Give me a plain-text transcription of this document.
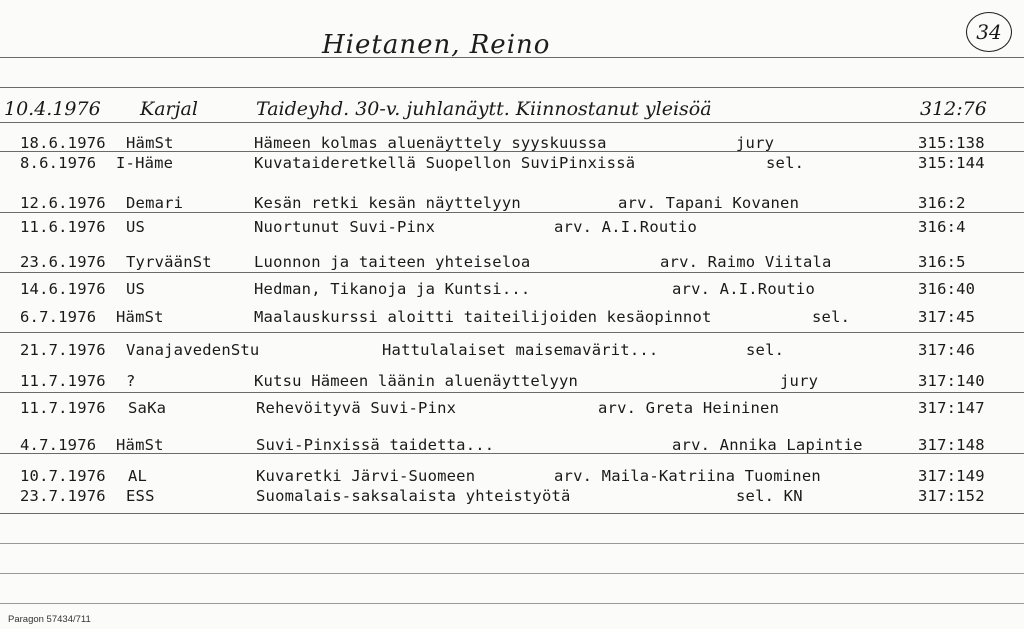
Hietanen, Reino	34
10.4.1976 Karjal	Taideyhd. 30-v. juhlanäytt. Kiinnostanut yleisöä	312:76
18.6.1976 HämSt	Hämeen kolmas aluenäyttely syyskuussa	jury	315:138
8.6.1976 I-Häme	Kuvataideretkellä Suopellon SuviPinxissä	sel.	315:144
12.6.1976 Demari	Kesän retki kesän näyttelyyn	arv. Tapani Kovanen	316:2
11.6.1976 US	Nuortunut Suvi-Pinx	arv. A.I.Routio	316:4
23.6.1976 TyrväänSt	Luonnon ja taiteen yhteiseloa	arv. Raimo Viitala	316:5
14.6.1976 US	Hedman, Tikanoja ja Kuntsi...	arv. A.I.Routio	316:40
6.7.1976 HämSt	Maalauskurssi aloitti taiteilijoiden kesäopinnot	sel.	317:45
21.7.1976 VanajavedenStu	Hattulalaiset maisemavärit...	sel.	317:46
11.7.1976 ?	Kutsu Hämeen läänin aluenäyttelyyn	jury	317:140
11.7.1976 SaKa	Rehevöityvä Suvi-Pinx	arv. Greta Heininen	317:147
4.7.1976 HämSt	Suvi-Pinxissä taidetta...	arv. Annika Lapintie	317:148
10.7.1976 AL	Kuvaretki Järvi-Suomeen	arv. Maila-Katriina Tuominen	317:149
23.7.1976 ESS	Suomalais-saksalaista yhteistyötä	sel. KN	317:152
Paragon 57434/711
